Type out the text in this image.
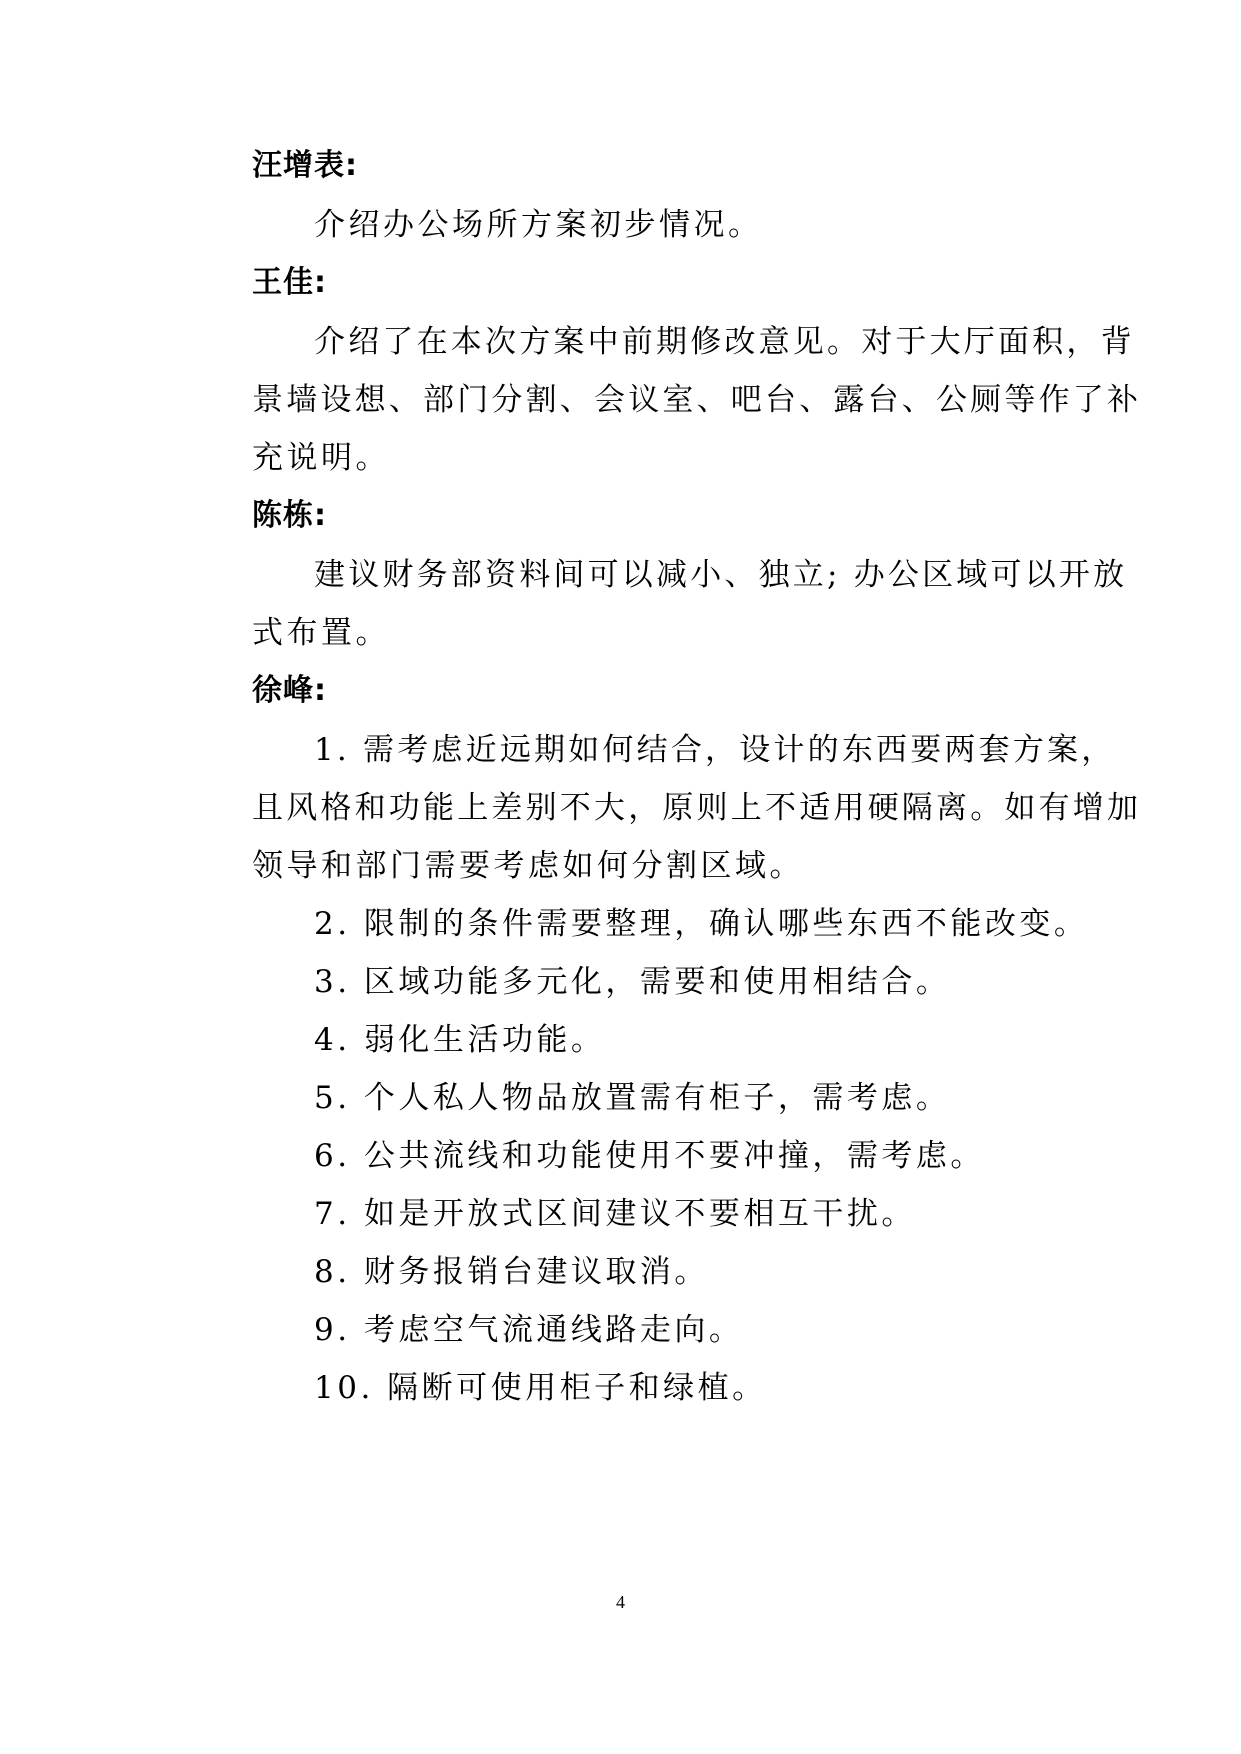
汪增表:
介绍办公场所方案初步情况。
王佳:
介绍了在本次方案中前期修改意见。对于大厅面积，背
景墙设想、部门分割、会议室、吧台、露台、公厕等作了补
充说明。
陈栋:
建议财务部资料间可以减小、独立; 办公区域可以开放
式布置。
徐峰:
1. 需考虑近远期如何结合，设计的东西要两套方案，
且风格和功能上差别不大，原则上不适用硬隔离。如有增加
领导和部门需要考虑如何分割区域。
2. 限制的条件需要整理，确认哪些东西不能改变。
3. 区域功能多元化，需要和使用相结合。
4. 弱化生活功能。
5. 个人私人物品放置需有柜子，需考虑。
6. 公共流线和功能使用不要冲撞，需考虑。
7. 如是开放式区间建议不要相互干扰。
8. 财务报销台建议取消。
9. 考虑空气流通线路走向。
10. 隔断可使用柜子和绿植。
4
